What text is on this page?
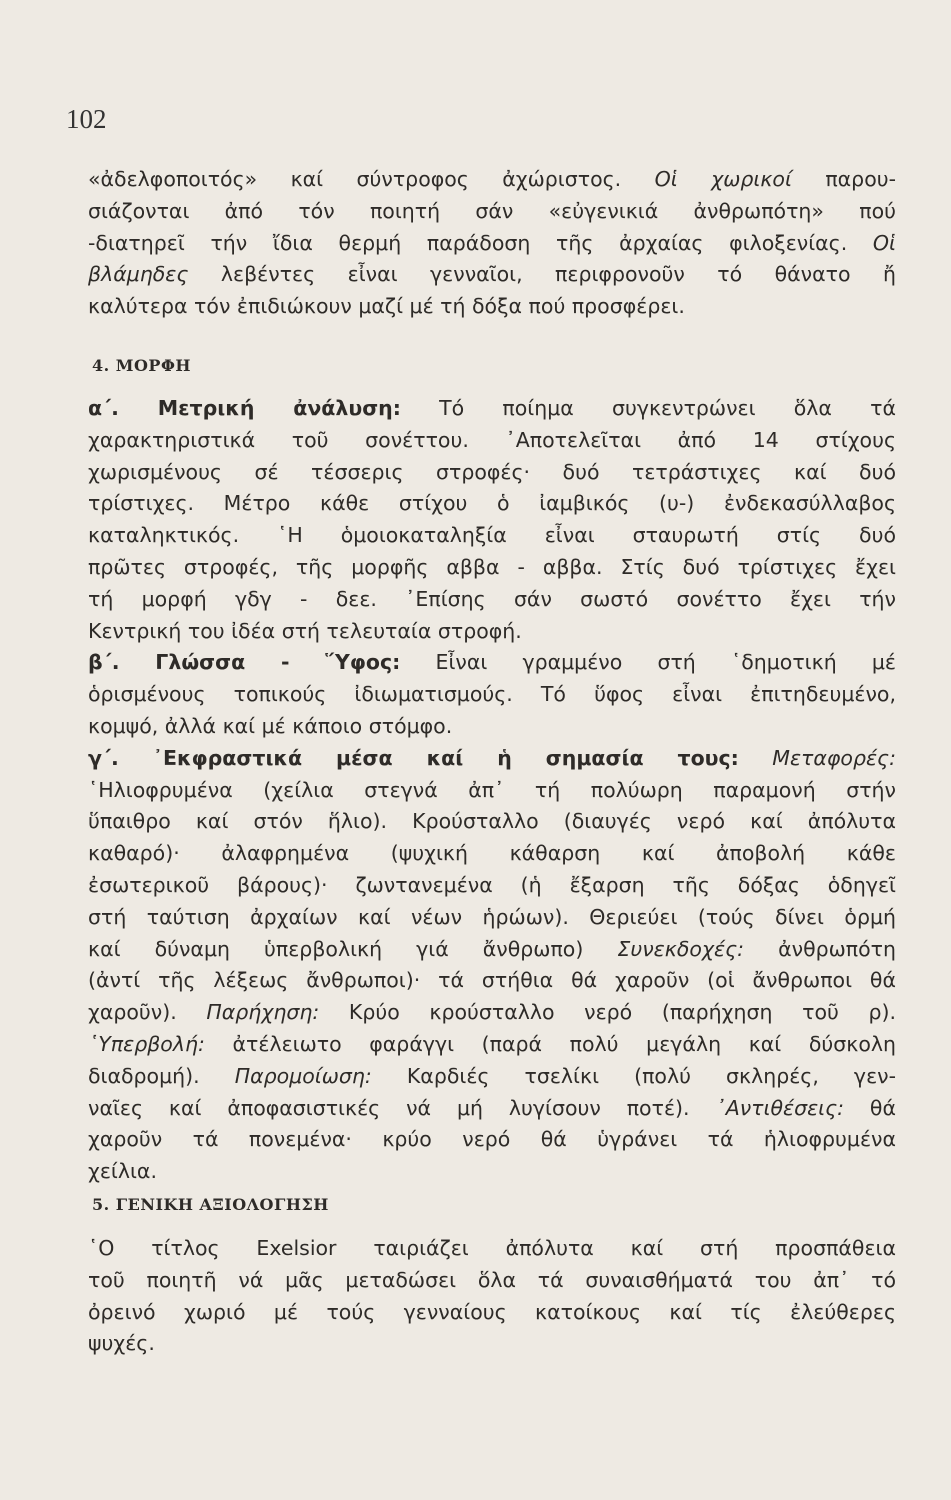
102
«ἀδελφοποιτός» καί σύντροφος ἀχώριστος. Οἱ χωρικοί παρου-
σιάζονται ἀπό τόν ποιητή σάν «εὐγενικιά ἀνθρωπότη» πού
-διατηρεῖ τήν ἴδια θερμή παράδοση τῆς ἀρχαίας φιλοξενίας. Οἱ
βλάμηδες λεβέντες εἶναι γενναῖοι, περιφρονοῦν τό θάνατο ἤ
καλύτερα τόν ἐπιδιώκουν μαζί μέ τή δόξα πού προσφέρει.
4. ΜΟΡΦΗ
α΄. Μετρική ἀνάλυση: Τό ποίημα συγκεντρώνει ὅλα τά
χαρακτηριστικά τοῦ σονέττου. ᾿Αποτελεῖται ἀπό 14 στίχους
χωρισμένους σέ τέσσερις στροφές· δυό τετράστιχες καί δυό
τρίστιχες. Μέτρο κάθε στίχου ὁ ἰαμβικός (υ-) ἐνδεκασύλλαβος
καταληκτικός. ῾Η ὁμοιοκαταληξία εἶναι σταυρωτή στίς δυό
πρῶτες στροφές, τῆς μορφῆς αββα - αββα. Στίς δυό τρίστιχες ἔχει
τή μορφή γδγ - δεε. ᾿Επίσης σάν σωστό σονέττο ἔχει τήν
Κεντρική του ἰδέα στή τελευταία στροφή.
β΄. Γλώσσα - Ὕφος: Εἶναι γραμμένο στή ῾δημοτική μέ
ὁρισμένους τοπικούς ἰδιωματισμούς. Τό ὕφος εἶναι ἐπιτηδευμένο,
κομψό, ἀλλά καί μέ κάποιο στόμφο.
γ΄. ᾿Εκφραστικά μέσα καί ἡ σημασία τους: Μεταφορές:
῾Ηλιοφρυμένα (χείλια στεγνά ἀπ᾿ τή πολύωρη παραμονή στήν
ὕπαιθρο καί στόν ἥλιο). Κρούσταλλο (διαυγές νερό καί ἀπόλυτα
καθαρό)· ἀλαφρημένα (ψυχική κάθαρση καί ἀποβολή κάθε
ἐσωτερικοῦ βάρους)· ζωντανεμένα (ἡ ἔξαρση τῆς δόξας ὁδηγεῖ
στή ταύτιση ἀρχαίων καί νέων ἡρώων). Θεριεύει (τούς δίνει ὁρμή
καί δύναμη ὑπερβολική γιά ἄνθρωπο) Συνεκδοχές: ἀνθρωπότη
(ἀντί τῆς λέξεως ἄνθρωποι)· τά στήθια θά χαροῦν (οἱ ἄνθρωποι θά
χαροῦν). Παρήχηση: Κρύο κρούσταλλο νερό (παρήχηση τοῦ ρ).
῾Υπερβολή: ἀτέλειωτο φαράγγι (παρά πολύ μεγάλη καί δύσκολη
διαδρομή). Παρομοίωση: Καρδιές τσελίκι (πολύ σκληρές, γεν-
ναῖες καί ἀποφασιστικές νά μή λυγίσουν ποτέ). ᾿Αντιθέσεις: θά
χαροῦν τά πονεμένα· κρύο νερό θά ὑγράνει τά ἡλιοφρυμένα
χείλια.
5. ΓΕΝΙΚΗ ΑΞΙΟΛΟΓΗΣΗ
῾Ο τίτλος Exelsior ταιριάζει ἀπόλυτα καί στή προσπάθεια
τοῦ ποιητῆ νά μᾶς μεταδώσει ὅλα τά συναισθήματά του ἀπ᾿ τό
ὀρεινό χωριό μέ τούς γενναίους κατοίκους καί τίς ἐλεύθερες
ψυχές.
